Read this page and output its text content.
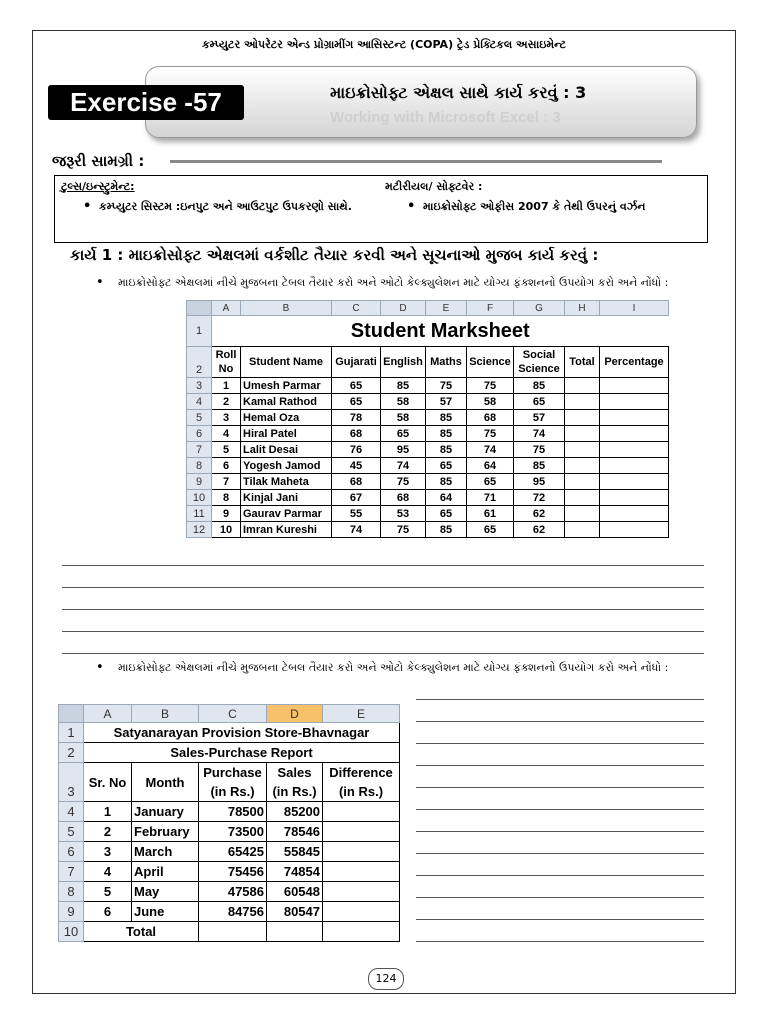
કમ્પ્યુટર ઓપરેટર એન્ડ પ્રોગ્રામીંગ આસિસ્ટન્ટ (COPA) ટ્રેડ પ્રેક્ટિકલ અસાઇમેન્ટ
માઇક્રોસોફ્ટ એક્ષલ સાથે કાર્ય કરવું : 3
Working with Microsoft Excel : 3
Exercise -57
જરૂરી સામગ્રી :
ટુલ્સ/ઇન્સ્ટ્રુમેન્ટ:
• કમ્પ્યુટર સિસ્ટમ :ઇનપુટ અને આઉટપુટ ઉપકરણો સાથે.
મટીરીયલ/ સોફ્ટવેર :
• માઇક્રોસોફ્ટ ઓફીસ 2007 કે તેથી ઉપરનું વર્ઝન
કાર્ય 1 : માઇક્રોસોફ્ટ એક્ષલમાં વર્કશીટ તૈયાર કરવી અને સૂચનાઓ મુજબ કાર્ય કરવું :
• માઇક્રોસોફ્ટ એક્ષલમાં નીચે મુજબના ટેબલ તૈયાર કરો અને ઓટો કેલ્ક્યુલેશન માટે યોગ્ય ફંક્શનનો ઉપયોગ કરો અને નોંધો :
	A	B	C	D	E	F	G	H	I
1	Student Marksheet								
2	Roll No	Student Name	Gujarati	English	Maths	Science	Social Science	Total	Percentage
3	1	Umesh Parmar	65	85	75	75	85		
4	2	Kamal Rathod	65	58	57	58	65		
5	3	Hemal Oza	78	58	85	68	57		
6	4	Hiral Patel	68	65	85	75	74		
7	5	Lalit Desai	76	95	85	74	75		
8	6	Yogesh Jamod	45	74	65	64	85		
9	7	Tilak Maheta	68	75	85	65	95		
10	8	Kinjal Jani	67	68	64	71	72		
11	9	Gaurav Parmar	55	53	65	61	62		
12	10	Imran Kureshi	74	75	85	65	62		
• માઇક્રોસોફ્ટ એક્ષલમાં નીચે મુજબના ટેબલ તૈયાર કરો અને ઓટો કેલ્ક્યુલેશન માટે યોગ્ય ફંક્શનનો ઉપયોગ કરો અને નોંધો :
	A	B	C	D	E
1	Satyanarayan Provision Store-Bhavnagar				
2	Sales-Purchase Report				
3	Sr. No	Month	Purchase (in Rs.)	Sales (in Rs.)	Difference (in Rs.)
4	1	January	78500	85200	
5	2	February	73500	78546	
6	3	March	65425	55845	
7	4	April	75456	74854	
8	5	May	47586	60548	
9	6	June	84756	80547	
10	Total				
124
